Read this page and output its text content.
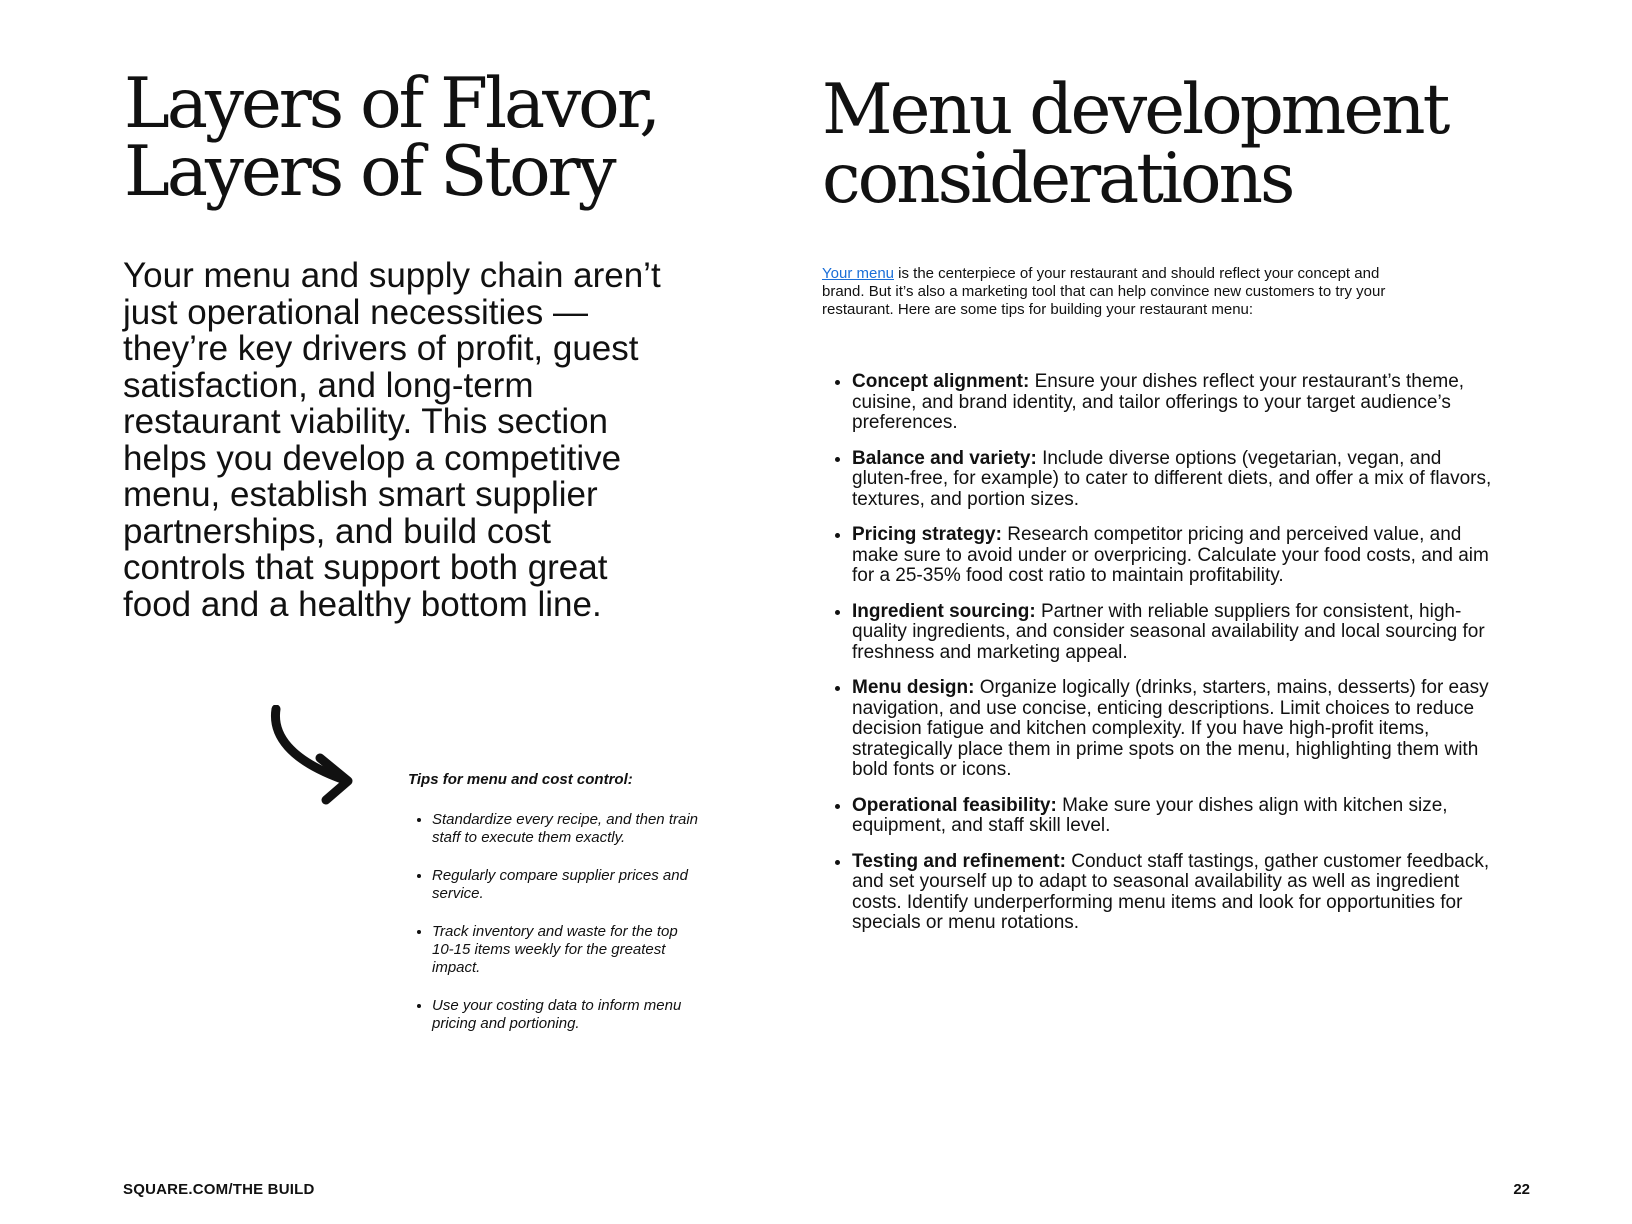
Layers of Flavor,
Layers of Story

Your menu and supply chain aren’t just operational necessities — they’re key drivers of profit, guest satisfaction, and long-term restaurant viability. This section helps you develop a competitive menu, establish smart supplier partnerships, and build cost controls that support both great food and a healthy bottom line.

Tips for menu and cost control:

• Standardize every recipe, and then train staff to execute them exactly.
• Regularly compare supplier prices and service.
• Track inventory and waste for the top 10-15 items weekly for the greatest impact.
• Use your costing data to inform menu pricing and portioning.
Menu development
considerations

Your menu is the centerpiece of your restaurant and should reflect your concept and brand. But it’s also a marketing tool that can help convince new customers to try your restaurant. Here are some tips for building your restaurant menu:

• Concept alignment: Ensure your dishes reflect your restaurant’s theme, cuisine, and brand identity, and tailor offerings to your target audience’s preferences.
• Balance and variety: Include diverse options (vegetarian, vegan, and gluten-free, for example) to cater to different diets, and offer a mix of flavors, textures, and portion sizes.
• Pricing strategy: Research competitor pricing and perceived value, and make sure to avoid under or overpricing. Calculate your food costs, and aim for a 25-35% food cost ratio to maintain profitability.
• Ingredient sourcing: Partner with reliable suppliers for consistent, high-quality ingredients, and consider seasonal availability and local sourcing for freshness and marketing appeal.
• Menu design: Organize logically (drinks, starters, mains, desserts) for easy navigation, and use concise, enticing descriptions. Limit choices to reduce decision fatigue and kitchen complexity. If you have high-profit items, strategically place them in prime spots on the menu, highlighting them with bold fonts or icons.
• Operational feasibility: Make sure your dishes align with kitchen size, equipment, and staff skill level.
• Testing and refinement: Conduct staff tastings, gather customer feedback, and set yourself up to adapt to seasonal availability as well as ingredient costs. Identify underperforming menu items and look for opportunities for specials or menu rotations.
SQUARE.COM/THE BUILD	22
